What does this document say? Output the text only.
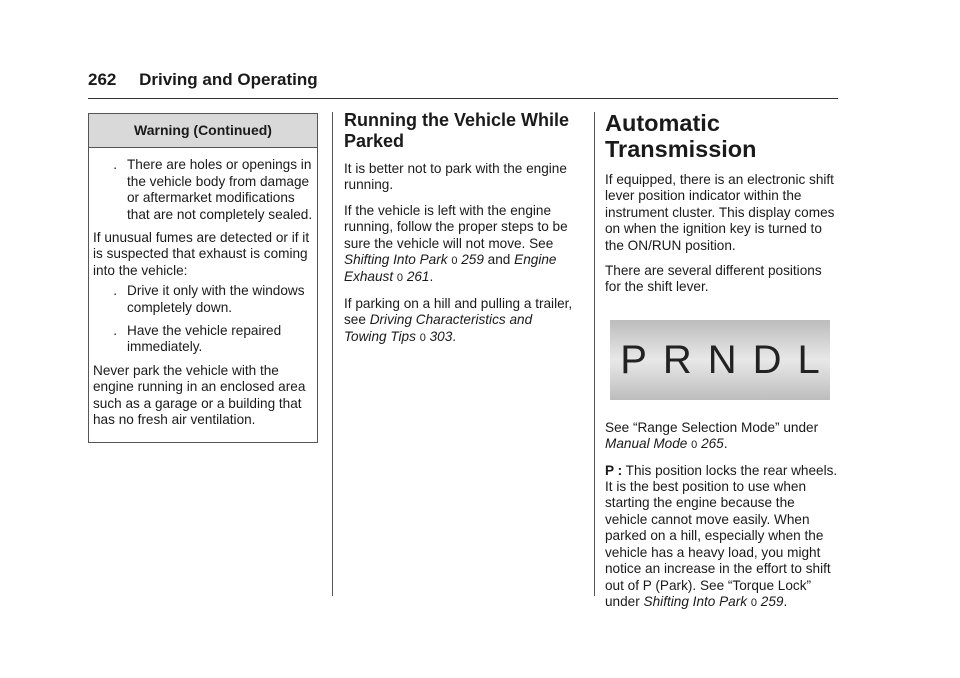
262 Driving and Operating
Warning (Continued)
. There are holes or openings in the vehicle body from damage or aftermarket modifications that are not completely sealed.

If unusual fumes are detected or if it is suspected that exhaust is coming into the vehicle:

. Drive it only with the windows completely down.
. Have the vehicle repaired immediately.

Never park the vehicle with the engine running in an enclosed area such as a garage or a building that has no fresh air ventilation.

Running the Vehicle While Parked

It is better not to park with the engine running.

If the vehicle is left with the engine running, follow the proper steps to be sure the vehicle will not move. See Shifting Into Park 0 259 and Engine Exhaust 0 261.

If parking on a hill and pulling a trailer, see Driving Characteristics and Towing Tips 0 303.

Automatic Transmission

If equipped, there is an electronic shift lever position indicator within the instrument cluster. This display comes on when the ignition key is turned to the ON/RUN position.

There are several different positions for the shift lever.

P R N D L

See “Range Selection Mode” under Manual Mode 0 265.

P : This position locks the rear wheels. It is the best position to use when starting the engine because the vehicle cannot move easily. When parked on a hill, especially when the vehicle has a heavy load, you might notice an increase in the effort to shift out of P (Park). See “Torque Lock” under Shifting Into Park 0 259.
